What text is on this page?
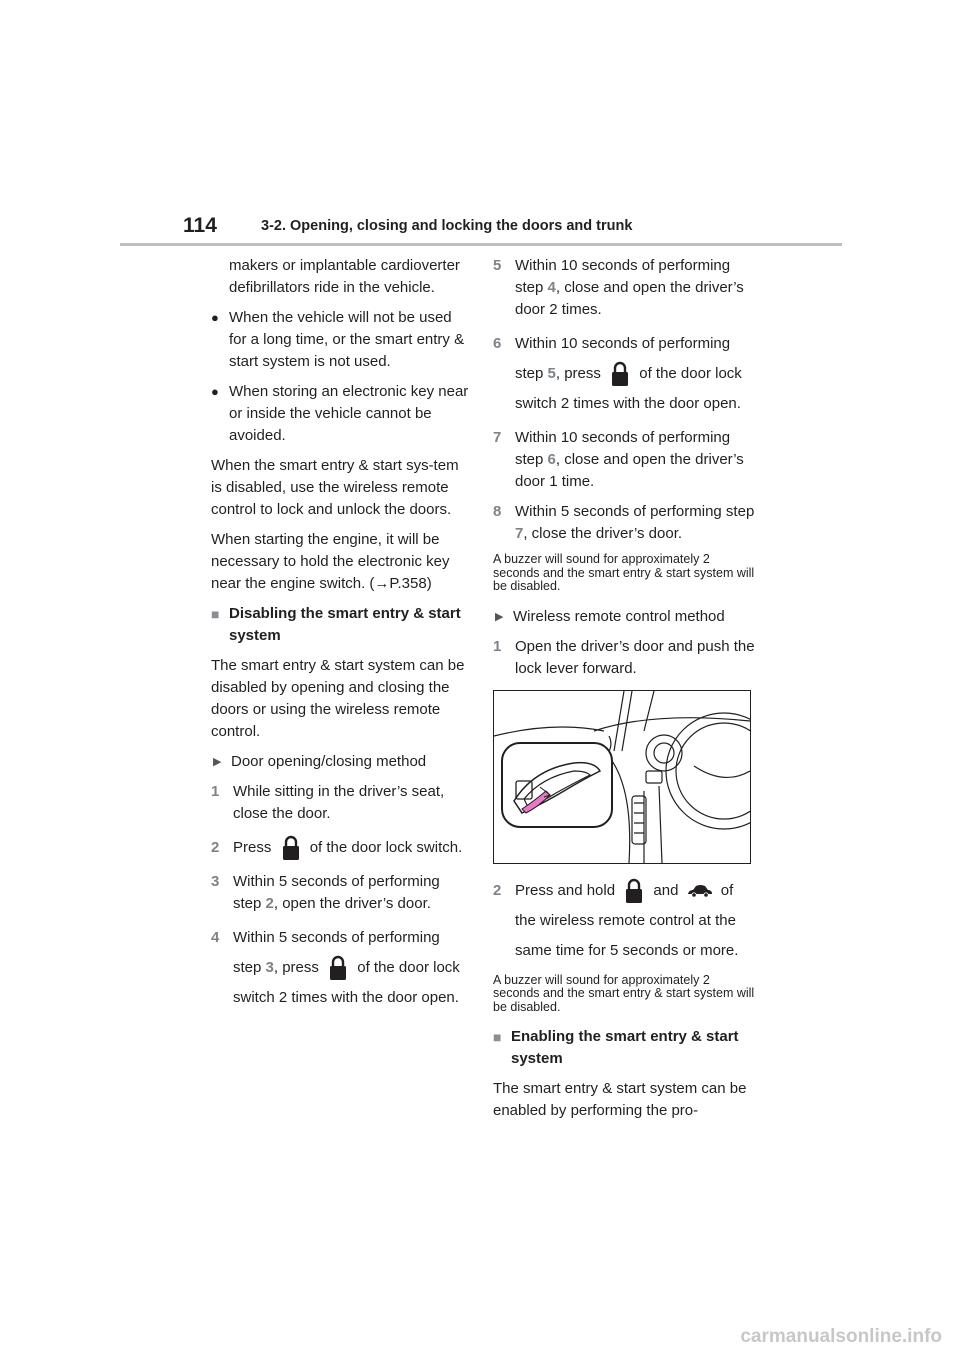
114	3-2. Opening, closing and locking the doors and trunk

makers or implantable cardioverter defibrillators ride in the vehicle.

● When the vehicle will not be used for a long time, or the smart entry & start system is not used.
● When storing an electronic key near or inside the vehicle cannot be avoided.

When the smart entry & start sys-tem is disabled, use the wireless remote control to lock and unlock the doors.

When starting the engine, it will be necessary to hold the electronic key near the engine switch. (→P.358)

■ Disabling the smart entry & start system

The smart entry & start system can be disabled by opening and closing the doors or using the wireless remote control.

▶ Door opening/closing method
1 While sitting in the driver’s seat, close the door.
2 Press	of the door lock switch.
3 Within 5 seconds of performing step 2, open the driver’s door.
4 Within 5 seconds of performing step 3, press	of the door lock switch 2 times with the door open.
5 Within 10 seconds of performing step 4, close and open the driver’s door 2 times.
6 Within 10 seconds of performing step 5, press	of the door lock switch 2 times with the door open.
7 Within 10 seconds of performing step 6, close and open the driver’s door 1 time.
8 Within 5 seconds of performing step 7, close the driver’s door.

A buzzer will sound for approximately 2 seconds and the smart entry & start system will be disabled.

▶ Wireless remote control method
1 Open the driver’s door and push the lock lever forward.
2 Press and hold	and	of the wireless remote control at the same time for 5 seconds or more.

A buzzer will sound for approximately 2 seconds and the smart entry & start system will be disabled.

■ Enabling the smart entry & start system

The smart entry & start system can be enabled by performing the pro-

carmanualsonline.info
